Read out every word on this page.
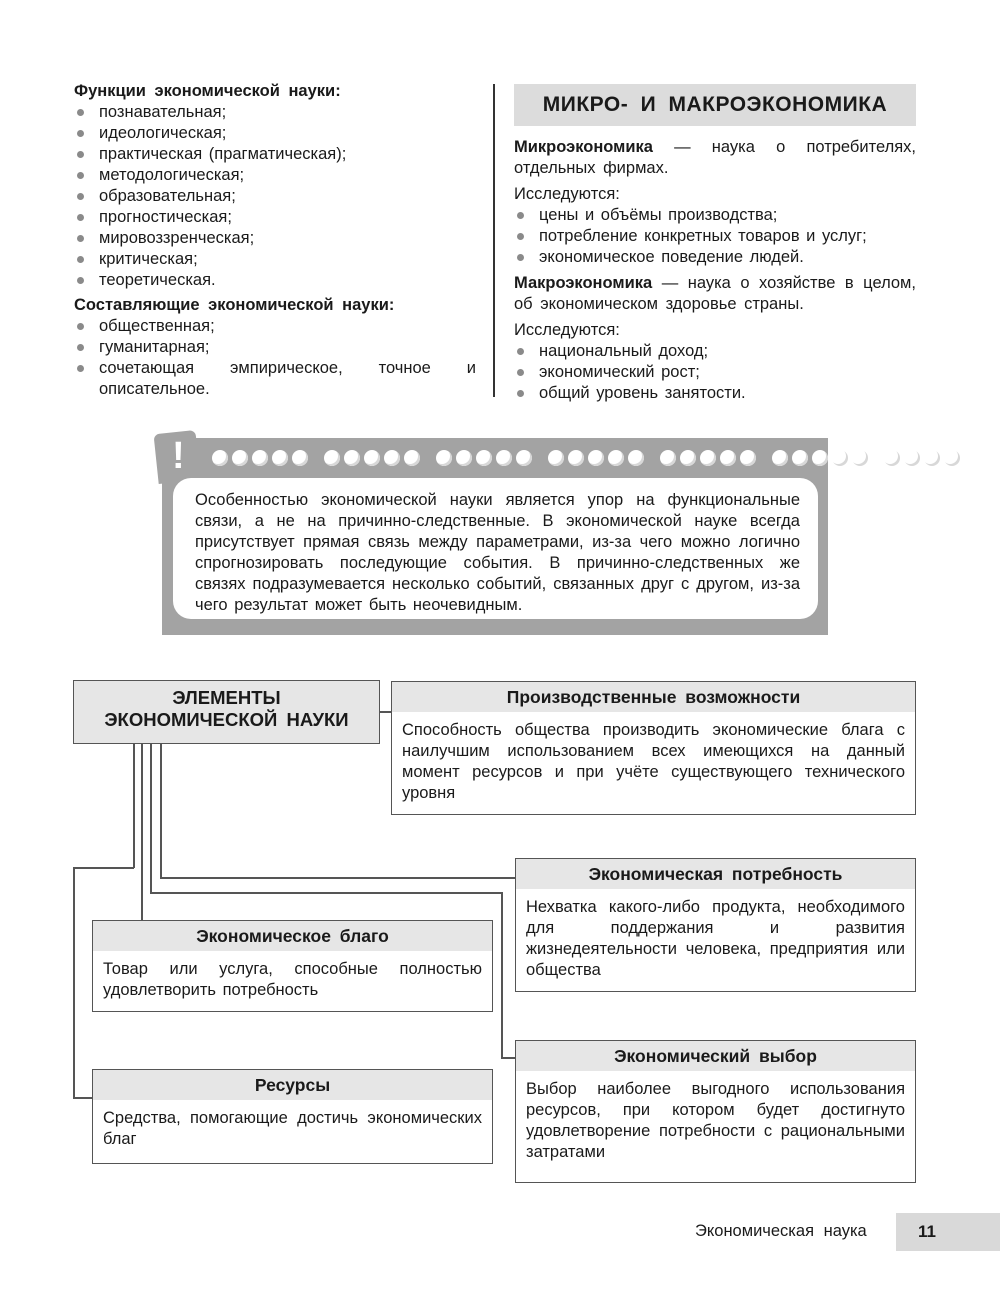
Функции экономической науки:
познавательная;
идеологическая;
практическая (прагматическая);
методологическая;
образовательная;
прогностическая;
мировоззренческая;
критическая;
теоретическая.
Составляющие экономической науки:
общественная;
гуманитарная;
сочетающая эмпирическое, точное и описательное.
МИКРО- И МАКРОЭКОНОМИКА
Микроэкономика — наука о потребителях, отдельных фирмах.
Исследуются:
цены и объёмы производства;
потребление конкретных товаров и услуг;
экономическое поведение людей.
Макроэкономика — наука о хозяйстве в целом, об экономическом здоровье страны.
Исследуются:
национальный доход;
экономический рост;
общий уровень занятости.
!

Особенностью экономической науки является упор на функциональные связи, а не на причинно-следственные. В экономической науке всегда присутствует прямая связь между параметрами, из-за чего можно логично спрогнозировать последующие события. В причинно-следственных же связях подразумевается несколько событий, связанных друг с другом, из-за чего результат может быть неочевидным.

ЭЛЕМЕНТЫ
ЭКОНОМИЧЕСКОЙ НАУКИ
Производственные возможности
Способность общества производить экономические блага с наилучшим использованием всех имеющихся на данный момент ресурсов и при учёте существующего технического уровня
Экономическая потребность
Нехватка какого-либо продукта, необходимого для поддержания и развития жизнедеятельности человека, предприятия или общества
Экономическое благо
Товар или услуга, способные полностью удовлетворить потребность
Экономический выбор
Выбор наиболее выгодного использования ресурсов, при котором будет достигнуто удовлетворение потребности с рациональными затратами
Ресурсы
Средства, помогающие достичь экономических благ
Экономическая наука	11
